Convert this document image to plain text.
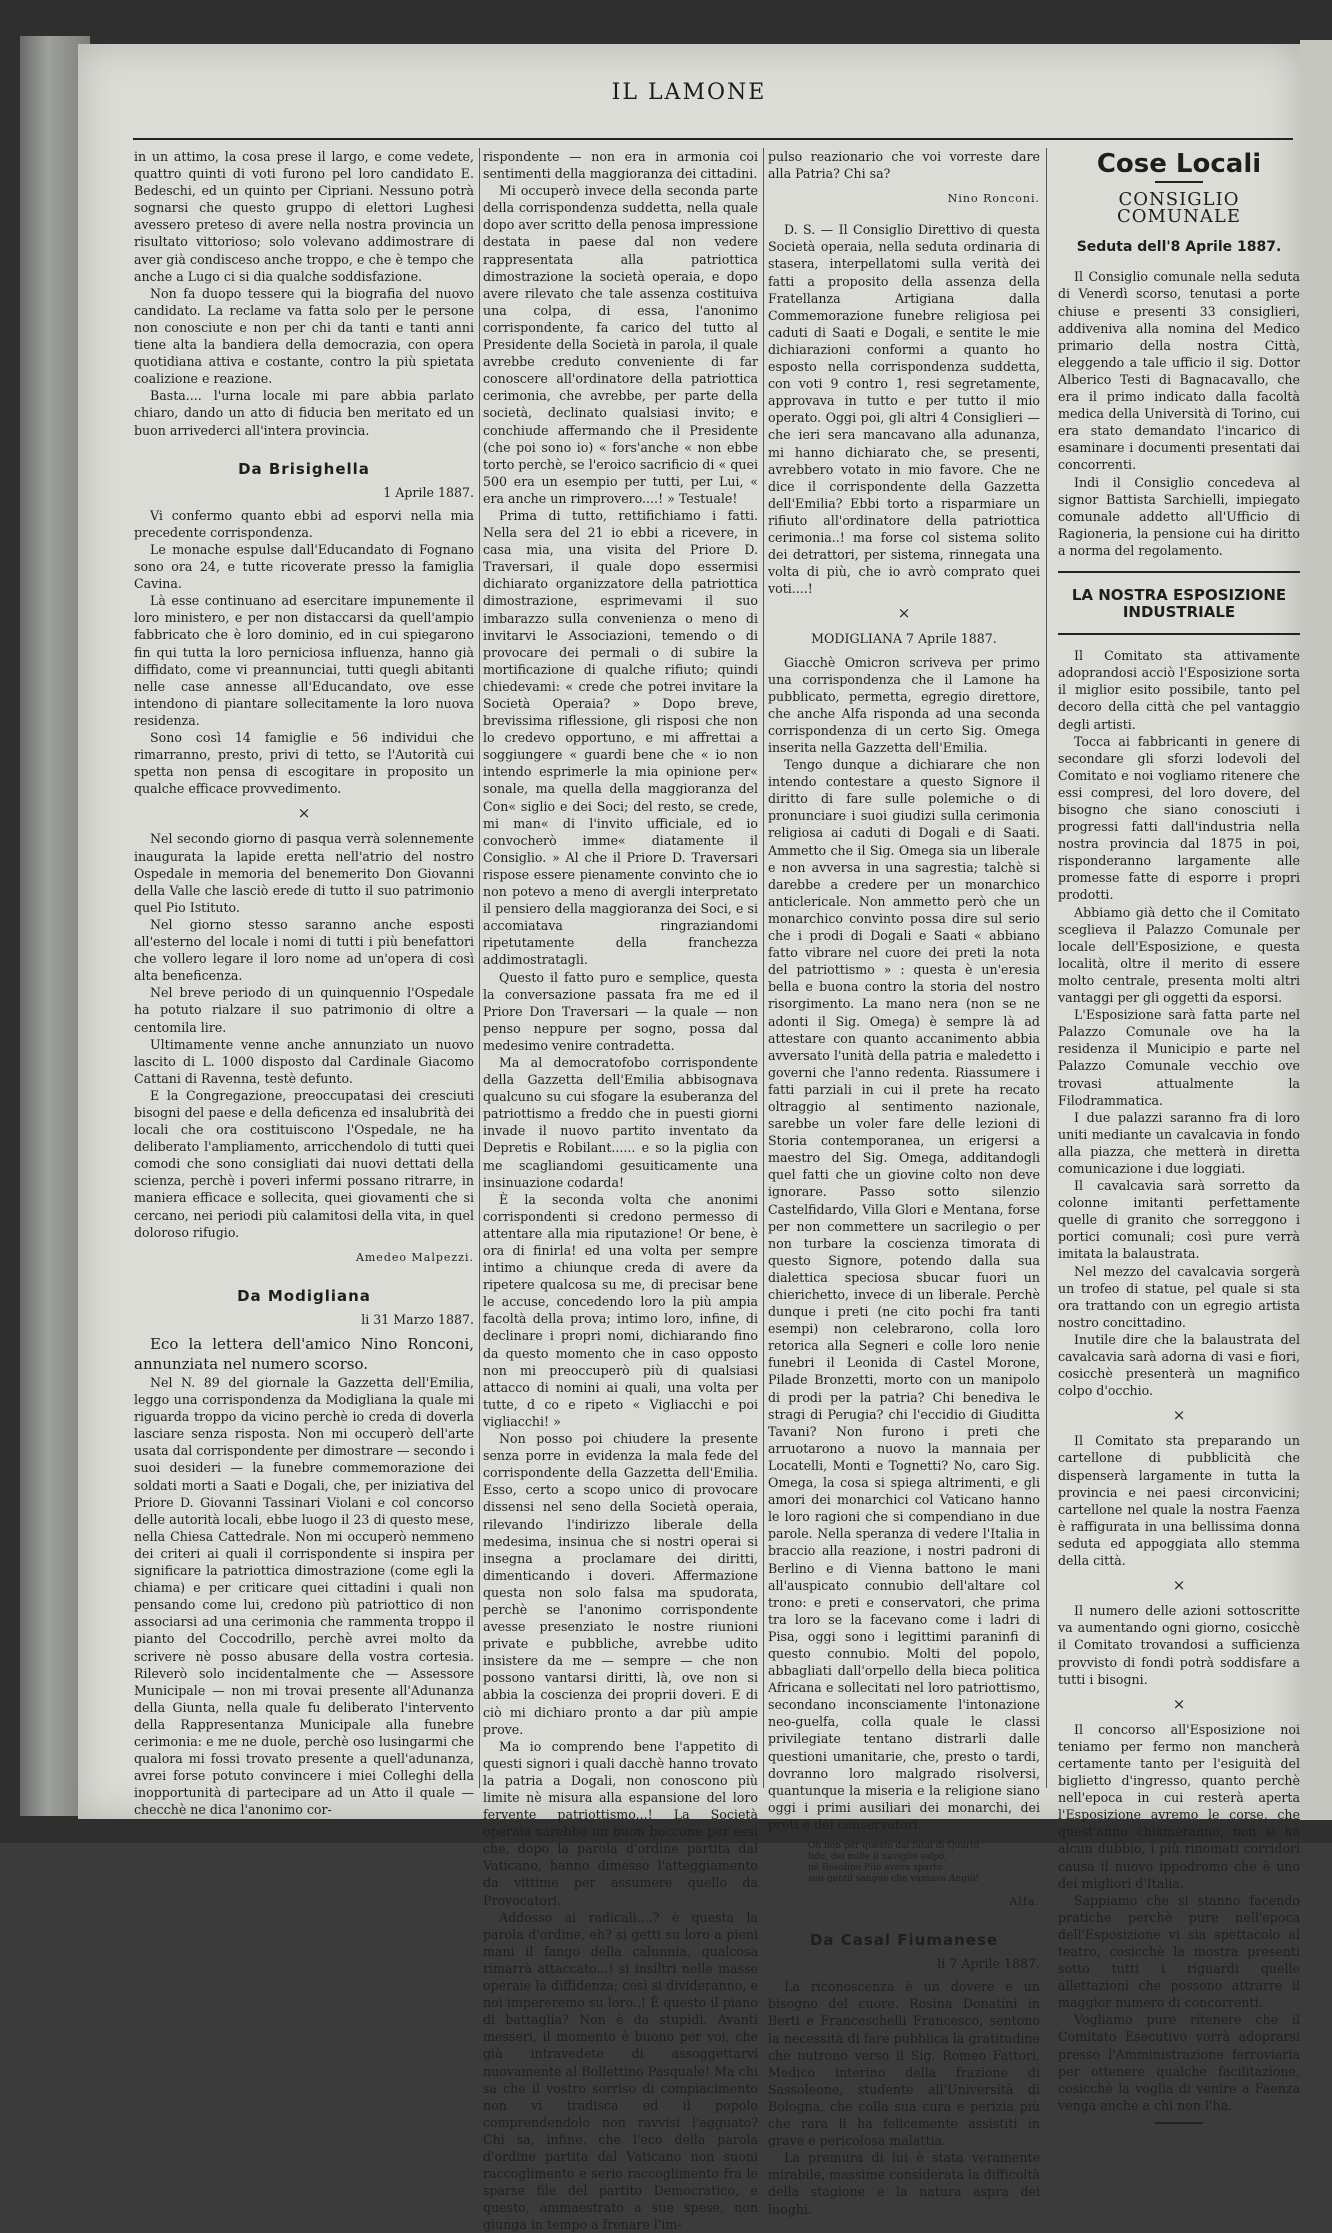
IL LAMONE

in un attimo, la cosa prese il largo, e come vedete, quattro quinti di voti furono pel loro candidato E. Bedeschi, ed un quinto per Cipriani. Nessuno potrà sognarsi che questo gruppo di elettori Lughesi avessero preteso di avere nella nostra provincia un risultato vittorioso; solo volevano addimostrare di aver già condisceso anche troppo, e che è tempo che anche a Lugo ci si dia qualche soddisfazione.

Non fa duopo tessere qui la biografia del nuovo candidato. La reclame va fatta solo per le persone non conosciute e non per chi da tanti e tanti anni tiene alta la bandiera della democrazia, con opera quotidiana attiva e costante, contro la più spietata coalizione e reazione.

Basta.... l'urna locale mi pare abbia parlato chiaro, dando un atto di fiducia ben meritato ed un buon arrivederci all'intera provincia.

Da Brisighella
1 Aprile 1887.

Vi confermo quanto ebbi ad esporvi nella mia precedente corrispondenza.

Le monache espulse dall'Educandato di Fognano sono ora 24, e tutte ricoverate presso la famiglia Cavina.

Là esse continuano ad esercitare impunemente il loro ministero, e per non distaccarsi da quell'ampio fabbricato che è loro dominio, ed in cui spiegarono fin qui tutta la loro perniciosa influenza, hanno già diffidato, come vi preannunciai, tutti quegli abitanti nelle case annesse all'Educandato, ove esse intendono di piantare sollecitamente la loro nuova residenza.

Sono così 14 famiglie e 56 individui che rimarranno, presto, privi di tetto, se l'Autorità cui spetta non pensa di escogitare in proposito un qualche efficace provvedimento.

×

Nel secondo giorno di pasqua verrà solennemente inaugurata la lapide eretta nell'atrio del nostro Ospedale in memoria del benemerito Don Giovanni della Valle che lasciò erede di tutto il suo patrimonio quel Pio Istituto.

Nel giorno stesso saranno anche esposti all'esterno del locale i nomi di tutti i più benefattori che vollero legare il loro nome ad un'opera di così alta beneficenza.

Nel breve periodo di un quinquennio l'Ospedale ha potuto rialzare il suo patrimonio di oltre a centomila lire.

Ultimamente venne anche annunziato un nuovo lascito di L. 1000 disposto dal Cardinale Giacomo Cattani di Ravenna, testè defunto.

E la Congregazione, preoccupatasi dei cresciuti bisogni del paese e della deficenza ed insalubrità dei locali che ora costituiscono l'Ospedale, ne ha deliberato l'ampliamento, arricchendolo di tutti quei comodi che sono consigliati dai nuovi dettati della scienza, perchè i poveri infermi possano ritrarre, in maniera efficace e sollecita, quei giovamenti che si cercano, nei periodi più calamitosi della vita, in quel doloroso rifugio.

Amedeo Malpezzi.
Da Modigliana
li 31 Marzo 1887.

Eco la lettera dell'amico Nino Ronconi, annunziata nel numero scorso.

Nel N. 89 del giornale la Gazzetta dell'Emilia, leggo una corrispondenza da Modigliana la quale mi riguarda troppo da vicino perchè io creda di doverla lasciare senza risposta. Non mi occuperò dell'arte usata dal corrispondente per dimostrare — secondo i suoi desideri — la funebre commemorazione dei soldati morti a Saati e Dogali, che, per iniziativa del Priore D. Giovanni Tassinari Violani e col concorso delle autorità locali, ebbe luogo il 23 di questo mese, nella Chiesa Cattedrale. Non mi occuperò nemmeno dei criteri ai quali il corrispondente si inspira per significare la patriottica dimostrazione (come egli la chiama) e per criticare quei cittadini i quali non pensando come lui, credono più patriottico di non associarsi ad una cerimonia che rammenta troppo il pianto del Coccodrillo, perchè avrei molto da scrivere nè posso abusare della vostra cortesia. Rileverò solo incidentalmente che — Assessore Municipale — non mi trovai presente all'Adunanza della Giunta, nella quale fu deliberato l'intervento della Rappresentanza Municipale alla funebre cerimonia: e me ne duole, perchè oso lusingarmi che qualora mi fossi trovato presente a quell'adunanza, avrei forse potuto convincere i miei Colleghi della inopportunità di partecipare ad un Atto il quale — checchè ne dica l'anonimo cor-

rispondente — non era in armonia coi sentimenti della maggioranza dei cittadini.

Mi occuperò invece della seconda parte della corrispondenza suddetta, nella quale dopo aver scritto della penosa impressione destata in paese dal non vedere rappresentata alla patriottica dimostrazione la società operaia, e dopo avere rilevato che tale assenza costituiva una colpa, di essa, l'anonimo corrispondente, fa carico del tutto al Presidente della Società in parola, il quale avrebbe creduto conveniente di far conoscere all'ordinatore della patriottica cerimonia, che avrebbe, per parte della società, declinato qualsiasi invito; e conchiude affermando che il Presidente (che poi sono io) « fors'anche « non ebbe torto perchè, se l'eroico sacrificio di « quei 500 era un esempio per tutti, per Lui, « era anche un rimprovero....! » Testuale!

Prima di tutto, rettifichiamo i fatti. Nella sera del 21 io ebbi a ricevere, in casa mia, una visita del Priore D. Traversari, il quale dopo essermisi dichiarato organizzatore della patriottica dimostrazione, esprimevami il suo imbarazzo sulla convenienza o meno di invitarvi le Associazioni, temendo o di provocare dei permali o di subire la mortificazione di qualche rifiuto; quindi chiedevami: « crede che potrei invitare la Società Operaia? » Dopo breve, brevissima riflessione, gli risposi che non lo credevo opportuno, e mi affrettai a soggiungere « guardi bene che « io non intendo esprimerle la mia opinione per« sonale, ma quella della maggioranza del Con« siglio e dei Soci; del resto, se crede, mi man« di l'invito ufficiale, ed io convocherò imme« diatamente il Consiglio. » Al che il Priore D. Traversari rispose essere pienamente convinto che io non potevo a meno di avergli interpretato il pensiero della maggioranza dei Soci, e si accomiatava ringraziandomi ripetutamente della franchezza addimostratagli.

Questo il fatto puro e semplice, questa la conversazione passata fra me ed il Priore Don Traversari — la quale — non penso neppure per sogno, possa dal medesimo venire contradetta.

Ma al democratofobo corrispondente della Gazzetta dell'Emilia abbisognava qualcuno su cui sfogare la esuberanza del patriottismo a freddo che in puesti giorni invade il nuovo partito inventato da Depretis e Robilant...... e so la piglia con me scagliandomi gesuiticamente una insinuazione codarda!

È la seconda volta che anonimi corrispondenti si credono permesso di attentare alla mia riputazione! Or bene, è ora di finirla! ed una volta per sempre intimo a chiunque creda di avere da ripetere qualcosa su me, di precisar bene le accuse, concedendo loro la più ampia facoltà della prova; intimo loro, infine, di declinare i propri nomi, dichiarando fino da questo momento che in caso opposto non mi preoccuperò più di qualsiasi attacco di nomini ai quali, una volta per tutte, d co e ripeto « Vigliacchi e poi vigliacchi! »

Non posso poi chiudere la presente senza porre in evidenza la mala fede del corrispondente della Gazzetta dell'Emilia. Esso, certo a scopo unico di provocare dissensi nel seno della Società operaia, rilevando l'indirizzo liberale della medesima, insinua che si nostri operai si insegna a proclamare dei diritti, dimenticando i doveri. Affermazione questa non solo falsa ma spudorata, perchè se l'anonimo corrispondente avesse presenziato le nostre riunioni private e pubbliche, avrebbe udito insistere da me — sempre — che non possono vantarsi diritti, là, ove non si abbia la coscienza dei proprii doveri. E di ciò mi dichiaro pronto a dar più ampie prove.

Ma io comprendo bene l'appetito di questi signori i quali dacchè hanno trovato la patria a Dogali, non conoscono più limite nè misura alla espansione del loro fervente patriottismo...! La Società operaia sarebbe un buon boccone per essi che, dopo la parola d'ordine partita dal Vaticano, hanno dimesso l'atteggiamento da vittime per assumere quello da Provocatori.

Addosso ai radicali....? è questa la parola d'ordine, eh? si getti su loro a pieni mani il fango della calunnia, qualcosa rimarrà attaccato...! si insiltri nelle masse operaie la diffidenza; così si divideranno, e noi impereremo su loro..! È questo il piano di battaglia? Non è da stupidi. Avanti messeri, il momento è buono per voi, che già intravedete di assoggettarvi nuovamente al Bollettino Pasquale! Ma chi sa che il vostro sorriso di compiacimento non vi tradisca ed il popolo comprendendolo non ravvisi l'agguato? Chi sa, infine, che l'eco della parola d'ordine partita dal Vaticano non suoni raccoglimento e serio raccoglimento fra le sparse file del partito Democratico, e questo, ammaestrato a sue spese, non giunga in tempo a frenare l'im-

pulso reazionario che voi vorreste dare alla Patria? Chi sa?

Nino Ronconi.

D. S. — Il Consiglio Direttivo di questa Società operaia, nella seduta ordinaria di stasera, interpellatomi sulla verità dei fatti a proposito della assenza della Fratellanza Artigiana dalla Commemorazione funebre religiosa pei caduti di Saati e Dogali, e sentite le mie dichiarazioni conformi a quanto ho esposto nella corrispondenza suddetta, con voti 9 contro 1, resi segretamente, approvava in tutto e per tutto il mio operato. Oggi poi, gli altri 4 Consiglieri — che ieri sera mancavano alla adunanza, mi hanno dichiarato che, se presenti, avrebbero votato in mio favore. Che ne dice il corrispondente della Gazzetta dell'Emilia? Ebbi torto a risparmiare un rifiuto all'ordinatore della patriottica cerimonia..! ma forse col sistema solito dei detrattori, per sistema, rinnegata una volta di più, che io avrò comprato quei voti....!

×
MODIGLIANA 7 Aprile 1887.

Giacchè Omicron scriveva per primo una corrispondenza che il Lamone ha pubblicato, permetta, egregio direttore, che anche Alfa risponda ad una seconda corrispondenza di un certo Sig. Omega inserita nella Gazzetta dell'Emilia.

Tengo dunque a dichiarare che non intendo contestare a questo Signore il diritto di fare sulle polemiche o di pronunciare i suoi giudizi sulla cerimonia religiosa ai caduti di Dogali e di Saati. Ammetto che il Sig. Omega sia un liberale e non avversa in una sagrestia; talchè si darebbe a credere per un monarchico anticlericale. Non ammetto però che un monarchico convinto possa dire sul serio che i prodi di Dogali e Saati « abbiano fatto vibrare nel cuore dei preti la nota del patriottismo » : questa è un'eresia bella e buona contro la storia del nostro risorgimento. La mano nera (non se ne adonti il Sig. Omega) è sempre là ad attestare con quanto accanimento abbia avversato l'unità della patria e maledetto i governi che l'anno redenta. Riassumere i fatti parziali in cui il prete ha recato oltraggio al sentimento nazionale, sarebbe un voler fare delle lezioni di Storia contemporanea, un erigersi a maestro del Sig. Omega, additandogli quel fatti che un giovine colto non deve ignorare. Passo sotto silenzio Castelfidardo, Villa Glori e Mentana, forse per non commettere un sacrilegio o per non turbare la coscienza timorata di questo Signore, potendo dalla sua dialettica speciosa sbucar fuori un chierichetto, invece di un liberale. Perchè dunque i preti (ne cito pochi fra tanti esempi) non celebrarono, colla loro retorica alla Segneri e colle loro nenie funebri il Leonida di Castel Morone, Pilade Bronzetti, morto con un manipolo di prodi per la patria? Chi benediva le stragi di Perugia? chi l'eccidio di Giuditta Tavani? Non furono i preti che arruotarono a nuovo la mannaia per Locatelli, Monti e Tognetti? No, caro Sig. Omega, la cosa si spiega altrimenti, e gli amori dei monarchici col Vaticano hanno le loro ragioni che si compendiano in due parole. Nella speranza di vedere l'Italia in braccio alla reazione, i nostri padroni di Berlino e di Vienna battono le mani all'auspicato connubio dell'altare col trono: e preti e conservatori, che prima tra loro se la facevano come i ladri di Pisa, oggi sono i legittimi paraninfi di questo connubio. Molti del popolo, abbagliati dall'orpello della bieca politica Africana e sollecitati nel loro patriottismo, secondano inconsciamente l'intonazione neo-guelfa, colla quale le classi privilegiate tentano distrarli dalle questioni umanitarie, che, presto o tardi, dovranno loro malgrado risolversi, quantunque la miseria e la religione siano oggi i primi ausiliari dei monarchi, dei preti e dei conservatori.

Oh non per questo dal fatal di Quarto
lido, dei mille il naviglio salpò,
nè Rosolino Pilo aveva sparto
suo gentil sangue che vantava Angiò!
Alfa.
Da Casal Fiumanese
li 7 Aprile 1887.

La riconoscenza è un dovere e un bisogno del cuore. Rosina Donatini in Berti e Franceschelli Francesco, sentono la necessità di fare pubblica la gratitudine che nutrono verso il Sig. Romeo Fattori, Medico interino della frazione di Sassoleone, studente all'Università di Bologna, che colla sua cura e perizia più che rara li ha felicemente assistiti in grave e pericolosa malattia.

La premura di lui è stata veramente mirabile, massime considerata la difficoltà della stagione e la natura aspra dei luoghi.

Cose Locali
CONSIGLIO COMUNALE
Seduta dell'8 Aprile 1887.

Il Consiglio comunale nella seduta di Venerdì scorso, tenutasi a porte chiuse e presenti 33 consiglieri, addiveniva alla nomina del Medico primario della nostra Città, eleggendo a tale ufficio il sig. Dottor Alberico Testi di Bagnacavallo, che era il primo indicato dalla facoltà medica della Università di Torino, cui era stato demandato l'incarico di esaminare i documenti presentati dai concorrenti.

Indi il Consiglio concedeva al signor Battista Sarchielli, impiegato comunale addetto all'Ufficio di Ragioneria, la pensione cui ha diritto a norma del regolamento.

LA NOSTRA ESPOSIZIONE INDUSTRIALE

Il Comitato sta attivamente adoprandosi acciò l'Esposizione sorta il miglior esito possibile, tanto pel decoro della città che pel vantaggio degli artisti.

Tocca ai fabbricanti in genere di secondare gli sforzi lodevoli del Comitato e noi vogliamo ritenere che essi compresi, del loro dovere, del bisogno che siano conosciuti i progressi fatti dall'industria nella nostra provincia dal 1875 in poi, risponderanno largamente alle promesse fatte di esporre i propri prodotti.

Abbiamo già detto che il Comitato sceglieva il Palazzo Comunale per locale dell'Esposizione, e questa località, oltre il merito di essere molto centrale, presenta molti altri vantaggi per gli oggetti da esporsi.

L'Esposizione sarà fatta parte nel Palazzo Comunale ove ha la residenza il Municipio e parte nel Palazzo Comunale vecchio ove trovasi attualmente la Filodrammatica.

I due palazzi saranno fra di loro uniti mediante un cavalcavia in fondo alla piazza, che metterà in diretta comunicazione i due loggiati.

Il cavalcavia sarà sorretto da colonne imitanti perfettamente quelle di granito che sorreggono i portici comunali; così pure verrà imitata la balaustrata.

Nel mezzo del cavalcavia sorgerà un trofeo di statue, pel quale si sta ora trattando con un egregio artista nostro concittadino.

Inutile dire che la balaustrata del cavalcavia sarà adorna di vasi e fiori, cosicchè presenterà un magnifico colpo d'occhio.

×

Il Comitato sta preparando un cartellone di pubblicità che dispenserà largamente in tutta la provincia e nei paesi circonvicini; cartellone nel quale la nostra Faenza è raffigurata in una bellissima donna seduta ed appoggiata allo stemma della città.

×

Il numero delle azioni sottoscritte va aumentando ogni giorno, cosicchè il Comitato trovandosi a sufficienza provvisto di fondi potrà soddisfare a tutti i bisogni.

×

Il concorso all'Esposizione noi teniamo per fermo non mancherà certamente tanto per l'esiguità del biglietto d'ingresso, quanto perchè nell'epoca in cui resterà aperta l'Esposizione avremo le corse, che quest'anno chiameranno, non si ha alcun dubbio, i più rinomati corridori causa il nuovo ippodromo che è uno dei migliori d'Italia.

Sappiamo che si stanno facendo pratiche perchè pure nell'epoca dell'Esposizione vi sia spettacolo al teatro, cosicchè la mostra presenti sotto tutti i riguardi quelle allettazioni che possono attrarre il maggior numero di concorrenti.

Vogliamo pure ritenere che il Comitato Esecutivo vorrà adoprarsi presso l'Amministrazione ferroviaria per ottenere qualche facilitazione, cosicchè la voglia di venire a Faenza venga anche a chi non l'ha.
